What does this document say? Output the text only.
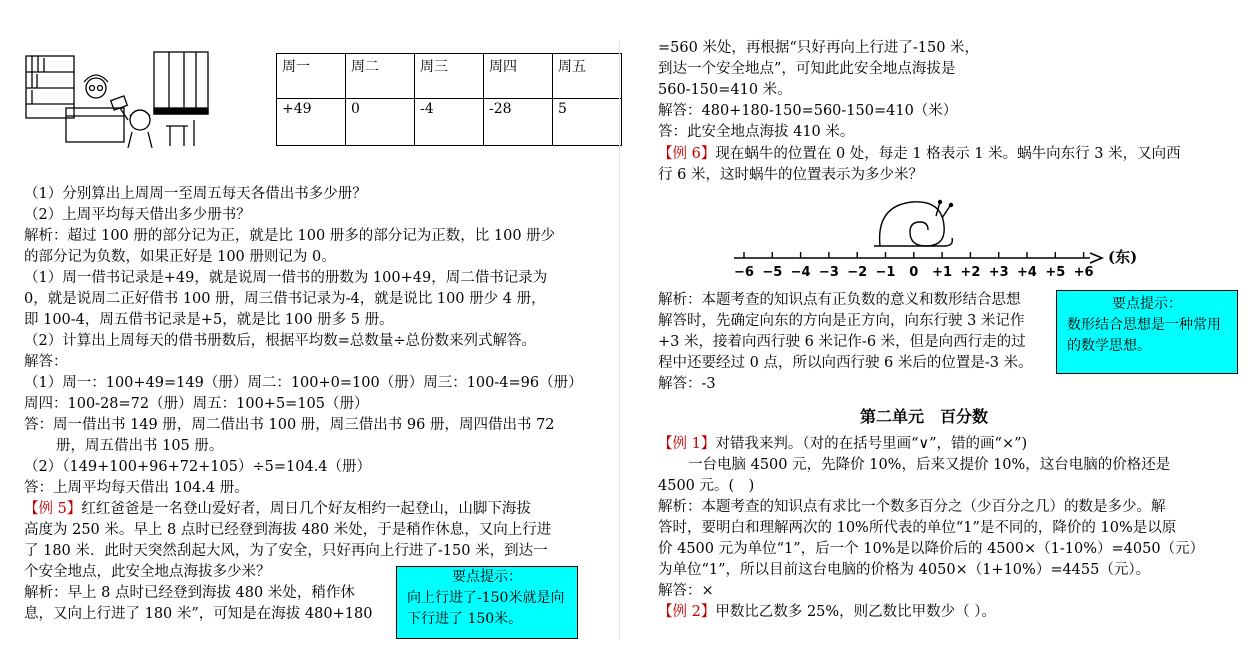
周一	周二	周三	周四	周五
+49	0	-4	-28	5
（1）分别算出上周周一至周五每天各借出书多少册？
（2）上周平均每天借出多少册书？
解析：超过 100 册的部分记为正，就是比 100 册多的部分记为正数，比 100 册少
的部分记为负数，如果正好是 100 册则记为 0。
（1）周一借书记录是+49，就是说周一借书的册数为 100+49，周二借书记录为
0，就是说周二正好借书 100 册，周三借书记录为-4，就是说比 100 册少 4 册，
即 100-4，周五借书记录是+5，就是比 100 册多 5 册。
（2）计算出上周每天的借书册数后，根据平均数=总数量÷总份数来列式解答。
解答：
（1）周一：100+49=149（册）周二：100+0=100（册）周三：100-4=96（册）
周四：100-28=72（册）周五：100+5=105（册）
答：周一借出书 149 册，周二借出书 100 册，周三借出书 96 册，周四借出书 72
册，周五借出书 105 册。
（2）（149+100+96+72+105）÷5=104.4（册）
答：上周平均每天借出 104.4 册。
【例 5】红红爸爸是一名登山爱好者，周日几个好友相约一起登山，山脚下海拔
高度为 250 米。早上 8 点时已经登到海拔 480 米处，于是稍作休息，又向上行进
了 180 米．此时天突然刮起大风，为了安全，只好再向上行进了-150 米，到达一
个安全地点，此安全地点海拔多少米？
解析：早上 8 点时已经登到海拔 480 米处，稍作休
息，又向上行进了 180 米”，可知是在海拔 480+180
要点提示：
向上行进了-150米就是向
下行进了 150米。
=560 米处，再根据“只好再向上行进了-150 米，
到达一个安全地点”，可知此此安全地点海拔是
560-150=410 米。
解答：480+180-150=560-150=410（米）
答：此安全地点海拔 410 米。
【例 6】现在蜗牛的位置在 0 处，每走 1 格表示 1 米。蜗牛向东行 3 米，又向西
行 6 米，这时蜗牛的位置表示为多少米？
−6 −5 −4 −3 −2 −1 0 +1 +2 +3 +4 +5 +6
(东)
解析：本题考查的知识点有正负数的意义和数形结合思想
解答时，先确定向东的方向是正方向，向东行驶 3 米记作
+3 米，接着向西行驶 6 米记作-6 米，但是向西行走的过
程中还要经过 0 点，所以向西行驶 6 米后的位置是-3 米。
解答：-3
要点提示：
数形结合思想是一种常用
的数学思想。
第二单元　百分数
【例 1】对错我来判。（对的在括号里画“∨”，错的画“×”)
一台电脑 4500 元，先降价 10%，后来又提价 10%，这台电脑的价格还是
4500 元。(　)
解析：本题考查的知识点有求比一个数多百分之（少百分之几）的数是多少。解
答时，要明白和理解两次的 10%所代表的单位“1”是不同的，降价的 10%是以原
价 4500 元为单位“1”，后一个 10%是以降价后的 4500×（1-10%）=4050（元）
为单位“1”，所以目前这台电脑的价格为 4050×（1+10%）=4455（元）。
解答：×
【例 2】甲数比乙数多 25%，则乙数比甲数少（ ）。
